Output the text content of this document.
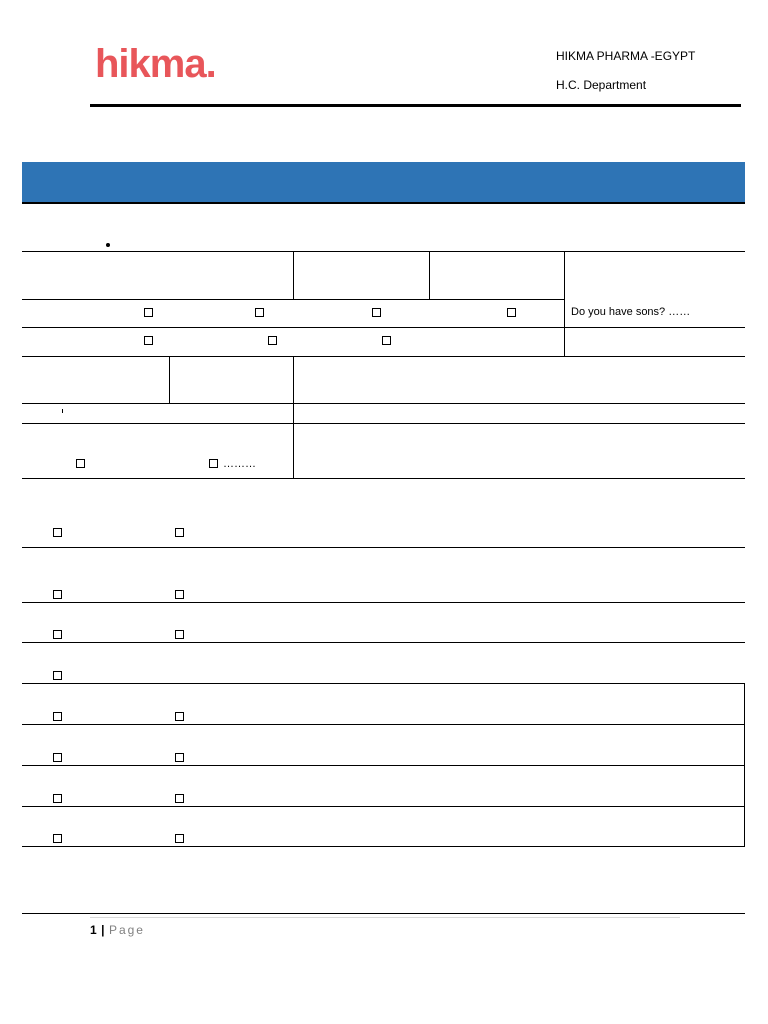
hikma.	HIKMA PHARMA -EGYPT
H.C. Department
Do you have sons? ……
………
1 | Page
